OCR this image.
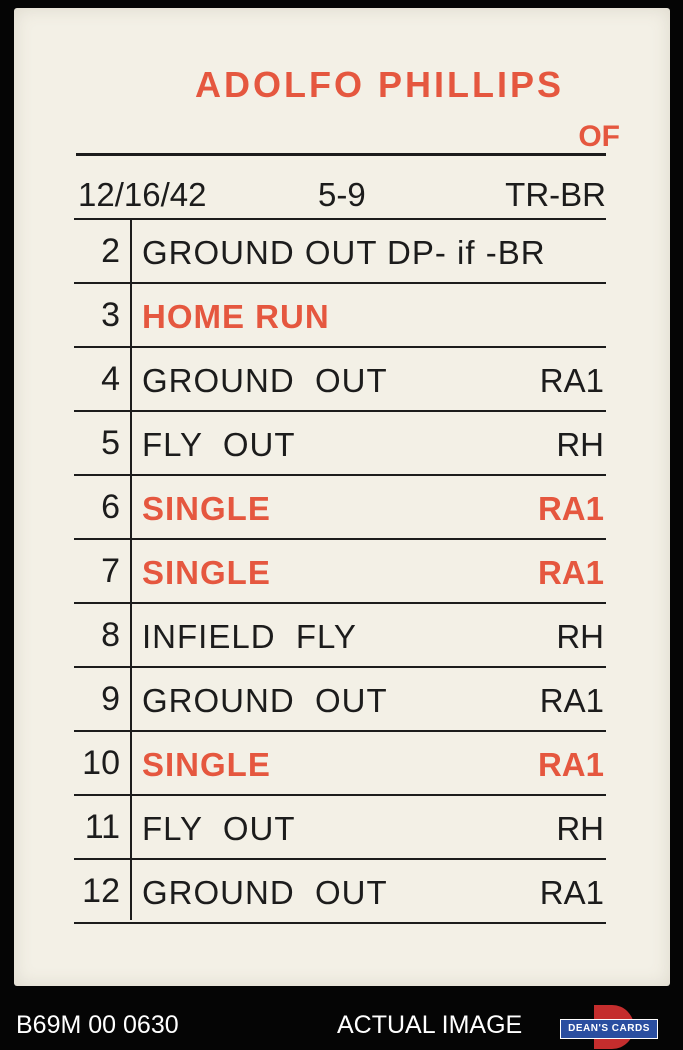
ADOLFO PHILLIPS
OF
12/16/42	5-9	TR-BR
2 GROUND OUT DP- if -BR
3 HOME RUN
4 GROUND  OUT	RA1
5 FLY  OUT	RH
6 SINGLE	RA1
7 SINGLE	RA1
8 INFIELD  FLY	RH
9 GROUND  OUT	RA1
10 SINGLE	RA1
11 FLY  OUT	RH
12 GROUND  OUT	RA1
B69M 00 0630	ACTUAL IMAGE	DEAN'S CARDS
